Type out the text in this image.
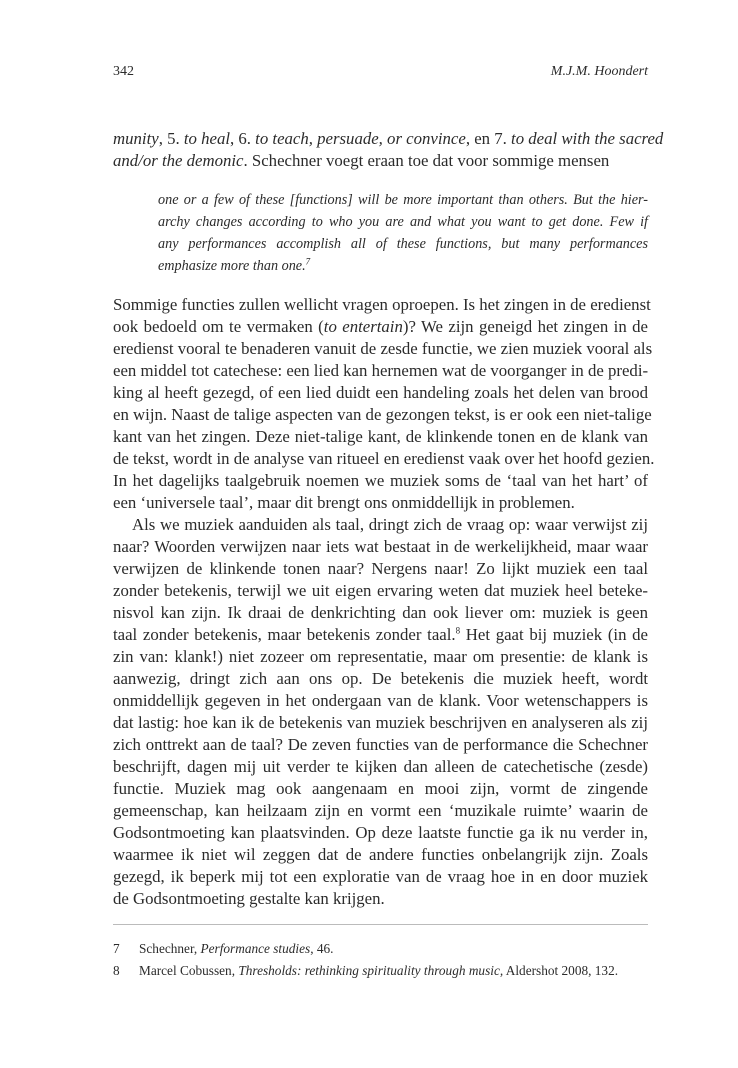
342	M.J.M. Hoondert
munity, 5. to heal, 6. to teach, persuade, or convince, en 7. to deal with the sacred
and/or the demonic. Schechner voegt eraan toe dat voor sommige mensen
one or a few of these [functions] will be more important than others. But the hier-
archy changes according to who you are and what you want to get done. Few if
any performances accomplish all of these functions, but many performances
emphasize more than one.$^7$
Sommige functies zullen wellicht vragen oproepen. Is het zingen in de eredienst
ook bedoeld om te vermaken (to entertain)? We zijn geneigd het zingen in de
eredienst vooral te benaderen vanuit de zesde functie, we zien muziek vooral als
een middel tot catechese: een lied kan hernemen wat de voorganger in de predi-
king al heeft gezegd, of een lied duidt een handeling zoals het delen van brood
en wijn. Naast de talige aspecten van de gezongen tekst, is er ook een niet-talige
kant van het zingen. Deze niet-talige kant, de klinkende tonen en de klank van
de tekst, wordt in de analyse van ritueel en eredienst vaak over het hoofd gezien.
In het dagelijks taalgebruik noemen we muziek soms de ‘taal van het hart’ of
een ‘universele taal’, maar dit brengt ons onmiddellijk in problemen.
Als we muziek aanduiden als taal, dringt zich de vraag op: waar verwijst zij
naar? Woorden verwijzen naar iets wat bestaat in de werkelijkheid, maar waar
verwijzen de klinkende tonen naar? Nergens naar! Zo lijkt muziek een taal
zonder betekenis, terwijl we uit eigen ervaring weten dat muziek heel beteke-
nisvol kan zijn. Ik draai de denkrichting dan ook liever om: muziek is geen
taal zonder betekenis, maar betekenis zonder taal.$^8$ Het gaat bij muziek (in de
zin van: klank!) niet zozeer om representatie, maar om presentie: de klank is
aanwezig, dringt zich aan ons op. De betekenis die muziek heeft, wordt
onmiddellijk gegeven in het ondergaan van de klank. Voor wetenschappers is
dat lastig: hoe kan ik de betekenis van muziek beschrijven en analyseren als zij
zich onttrekt aan de taal? De zeven functies van de performance die Schechner
beschrijft, dagen mij uit verder te kijken dan alleen de catechetische (zesde)
functie. Muziek mag ook aangenaam en mooi zijn, vormt de zingende
gemeenschap, kan heilzaam zijn en vormt een ‘muzikale ruimte’ waarin de
Godsontmoeting kan plaatsvinden. Op deze laatste functie ga ik nu verder in,
waarmee ik niet wil zeggen dat de andere functies onbelangrijk zijn. Zoals
gezegd, ik beperk mij tot een exploratie van de vraag hoe in en door muziek
de Godsontmoeting gestalte kan krijgen.
7 Schechner, Performance studies, 46.
8 Marcel Cobussen, Thresholds: rethinking spirituality through music, Aldershot 2008, 132.
